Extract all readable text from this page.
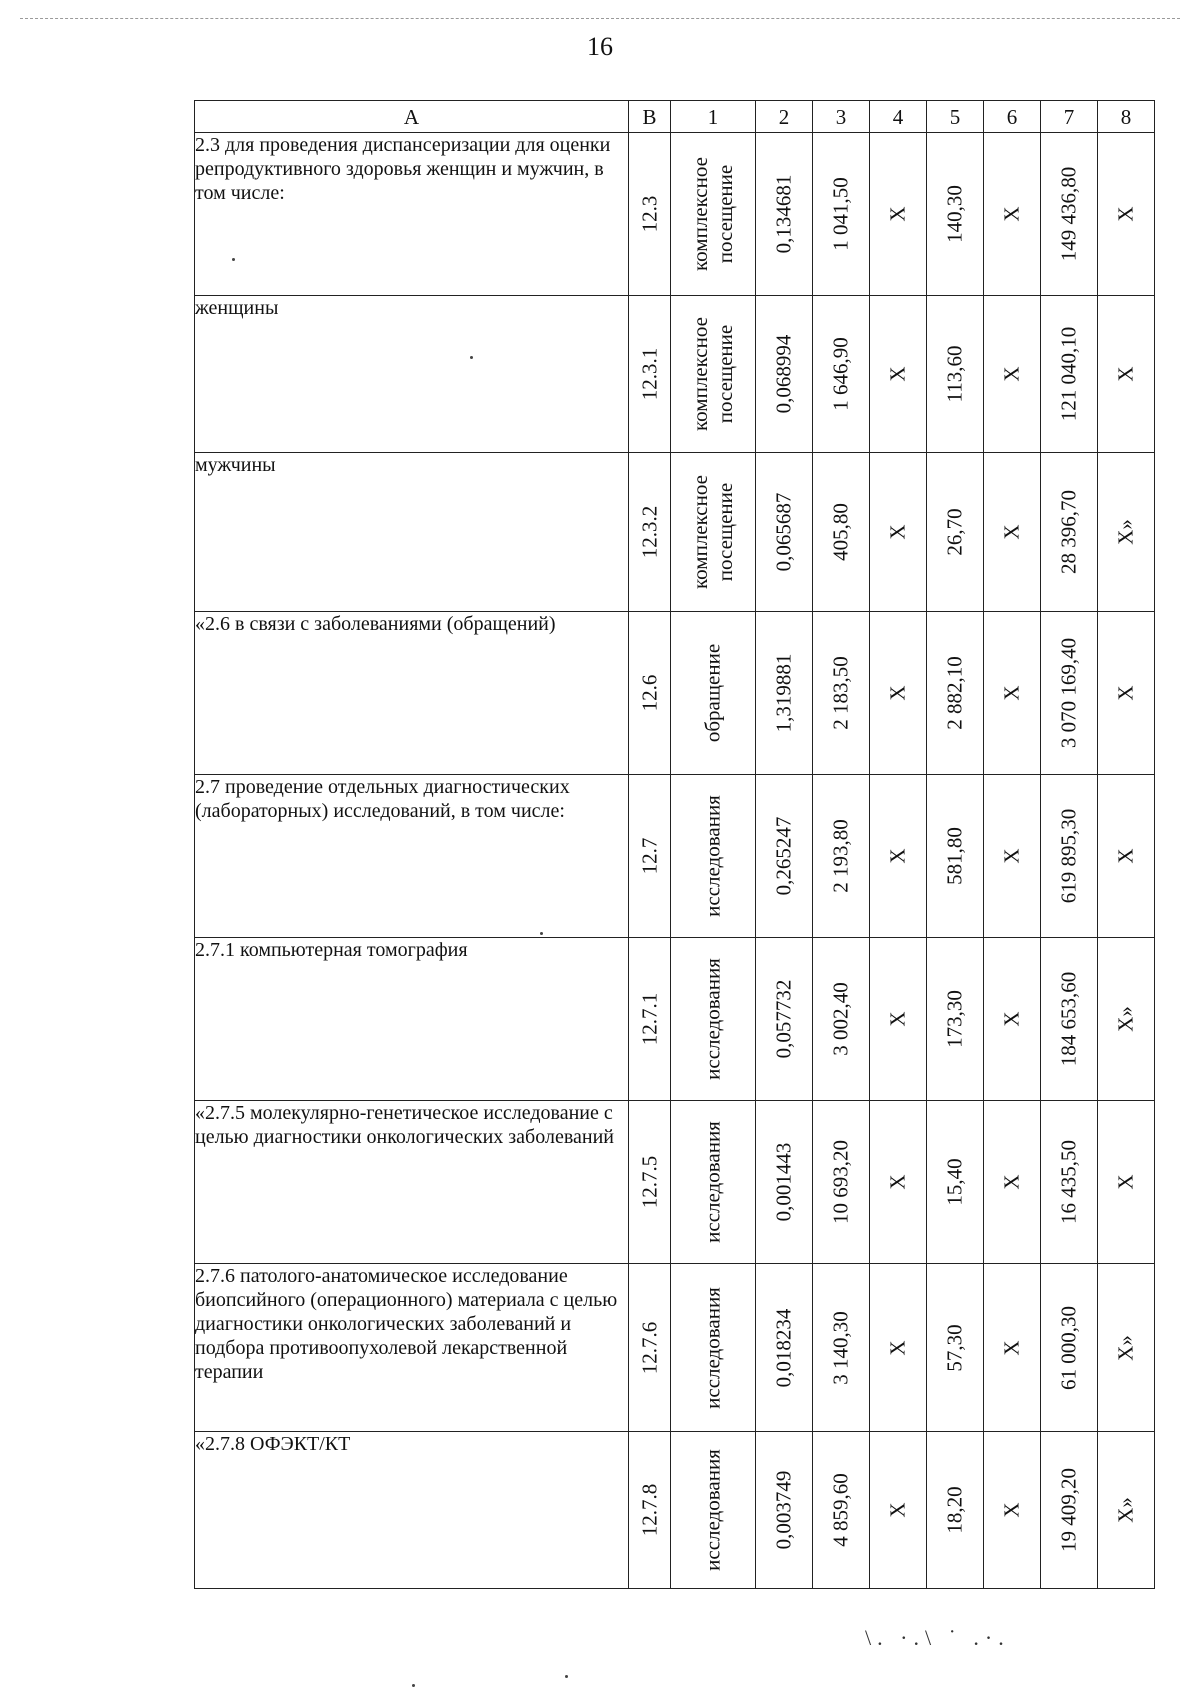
16
А	В	1	2	3	4	5	6	7	8
2.3 для проведения диспансеризации для оценки репродуктивного здоровья женщин и мужчин, в том числе:	12.3	комплексное посещение	0,134681	1 041,50	Х	140,30	Х	149 436,80	Х

женщины	12.3.1	комплексное посещение	0,068994	1 646,90	Х	113,60	Х	121 040,10	Х

мужчины	12.3.2	комплексное посещение	0,065687	405,80	Х	26,70	Х	28 396,70	Х»

«2.6 в связи с заболеваниями (обращений)	12.6	обращение	1,319881	2 183,50	Х	2 882,10	Х	3 070 169,40	Х

2.7 проведение отдельных диагностических (лабораторных) исследований, в том числе:	12.7	исследования	0,265247	2 193,80	Х	581,80	Х	619 895,30	Х

2.7.1 компьютерная томография	12.7.1	исследования	0,057732	3 002,40	Х	173,30	Х	184 653,60	Х»

«2.7.5 молекулярно-генетическое исследование с целью диагностики онкологических заболеваний	12.7.5	исследования	0,001443	10 693,20	Х	15,40	Х	16 435,50	Х

2.7.6 патолого-анатомическое исследование биопсийного (операционного) материала с целью диагностики онкологических заболеваний и подбора противоопухолевой лекарственной терапии	12.7.6	исследования	0,018234	3 140,30	Х	57,30	Х	61 000,30	Х»

«2.7.8 ОФЭКТ/КТ	12.7.8	исследования	0,003749	4 859,60	Х	18,20	Х	19 409,20	Х»
\. ·.\ ˙ .·.
